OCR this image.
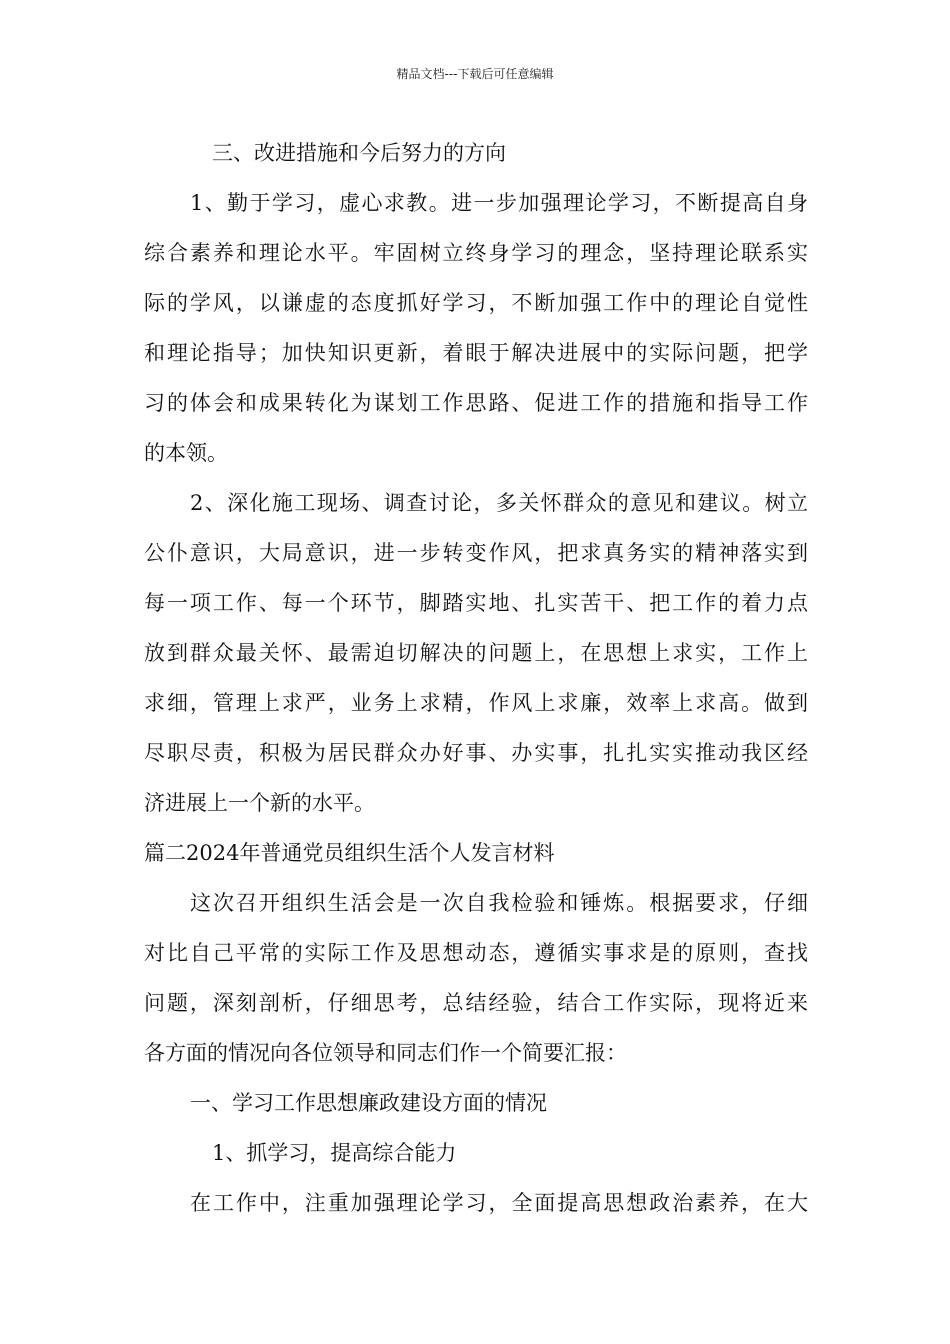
精品文档---下载后可任意编辑
三、改进措施和今后努力的方向
1、勤于学习，虚心求教。进一步加强理论学习，不断提高自身
综合素养和理论水平。牢固树立终身学习的理念，坚持理论联系实
际的学风，以谦虚的态度抓好学习，不断加强工作中的理论自觉性
和理论指导；加快知识更新，着眼于解决进展中的实际问题，把学
习的体会和成果转化为谋划工作思路、促进工作的措施和指导工作
的本领。
2、深化施工现场、调查讨论，多关怀群众的意见和建议。树立
公仆意识，大局意识，进一步转变作风，把求真务实的精神落实到
每一项工作、每一个环节，脚踏实地、扎实苦干、把工作的着力点
放到群众最关怀、最需迫切解决的问题上，在思想上求实，工作上
求细，管理上求严，业务上求精，作风上求廉，效率上求高。做到
尽职尽责，积极为居民群众办好事、办实事，扎扎实实推动我区经
济进展上一个新的水平。
篇二2024年普通党员组织生活个人发言材料
这次召开组织生活会是一次自我检验和锤炼。根据要求，仔细
对比自己平常的实际工作及思想动态，遵循实事求是的原则，查找
问题，深刻剖析，仔细思考，总结经验，结合工作实际，现将近来
各方面的情况向各位领导和同志们作一个简要汇报：
一、学习工作思想廉政建设方面的情况
1、抓学习，提高综合能力
在工作中，注重加强理论学习，全面提高思想政治素养，在大
